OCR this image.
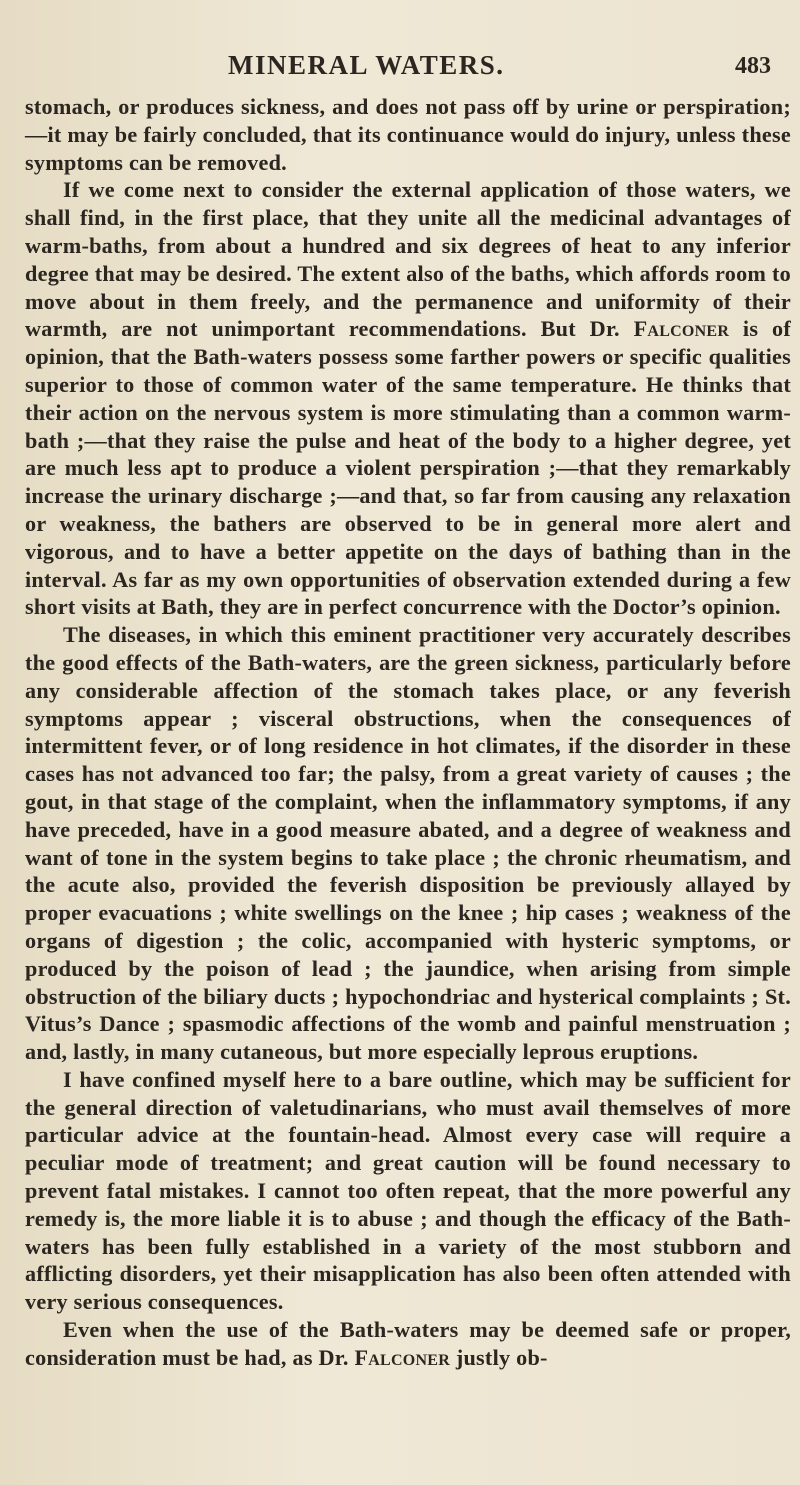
MINERAL WATERS.	483

stomach, or produces sickness, and does not pass off by urine or perspiration;—it may be fairly concluded, that its continuance would do injury, unless these symptoms can be removed.

If we come next to consider the external application of those waters, we shall find, in the first place, that they unite all the medicinal advantages of warm-baths, from about a hundred and six degrees of heat to any inferior degree that may be desired. The extent also of the baths, which affords room to move about in them freely, and the permanence and uniformity of their warmth, are not unimportant recommendations. But Dr. Falconer is of opinion, that the Bath-waters possess some farther powers or specific qualities superior to those of common water of the same temperature. He thinks that their action on the nervous system is more stimulating than a common warm-bath ;—that they raise the pulse and heat of the body to a higher degree, yet are much less apt to produce a violent perspiration ;—that they remarkably increase the urinary discharge ;—and that, so far from causing any relaxation or weakness, the bathers are observed to be in general more alert and vigorous, and to have a better appetite on the days of bathing than in the interval. As far as my own opportunities of observation extended during a few short visits at Bath, they are in perfect concurrence with the Doctor’s opinion.

The diseases, in which this eminent practitioner very accurately describes the good effects of the Bath-waters, are the green sickness, particularly before any considerable affection of the stomach takes place, or any feverish symptoms appear ; visceral obstructions, when the consequences of intermittent fever, or of long residence in hot climates, if the disorder in these cases has not advanced too far; the palsy, from a great variety of causes ; the gout, in that stage of the complaint, when the inflammatory symptoms, if any have preceded, have in a good measure abated, and a degree of weakness and want of tone in the system begins to take place ; the chronic rheumatism, and the acute also, provided the feverish disposition be previously allayed by proper evacuations ; white swellings on the knee ; hip cases ; weakness of the organs of digestion ; the colic, accompanied with hysteric symptoms, or produced by the poison of lead ; the jaundice, when arising from simple obstruction of the biliary ducts ; hypochondriac and hysterical complaints ; St. Vitus’s Dance ; spasmodic affections of the womb and painful menstruation ; and, lastly, in many cutaneous, but more especially leprous eruptions.

I have confined myself here to a bare outline, which may be sufficient for the general direction of valetudinarians, who must avail themselves of more particular advice at the fountain-head. Almost every case will require a peculiar mode of treatment; and great caution will be found necessary to prevent fatal mistakes. I cannot too often repeat, that the more powerful any remedy is, the more liable it is to abuse ; and though the efficacy of the Bath-waters has been fully established in a variety of the most stubborn and afflicting disorders, yet their misapplication has also been often attended with very serious consequences.

Even when the use of the Bath-waters may be deemed safe or proper, consideration must be had, as Dr. Falconer justly ob-
